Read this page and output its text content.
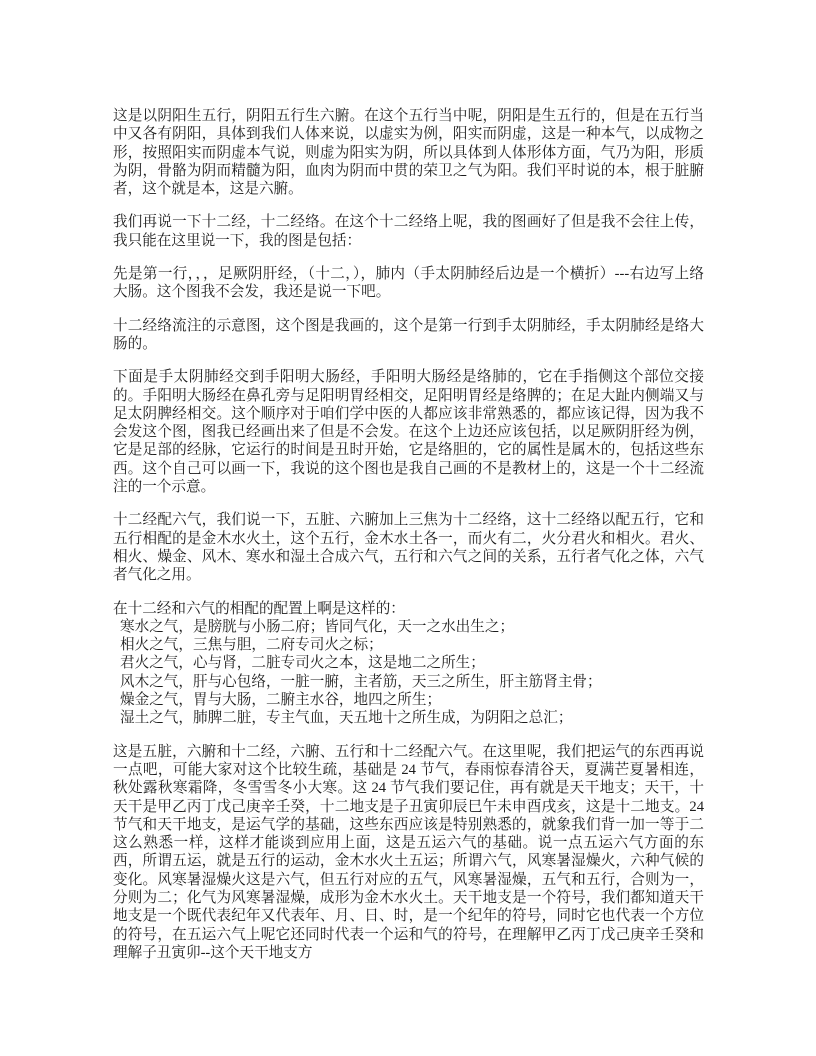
这是以阴阳生五行，阴阳五行生六腑。在这个五行当中呢，阴阳是生五行的，但是在五行当中又各有阴阳，具体到我们人体来说，以虚实为例，阳实而阴虚，这是一种本气，以成物之形，按照阳实而阴虚本气说，则虚为阳实为阴，所以具体到人体形体方面，气乃为阳，形质为阴，骨骼为阴而精髓为阳，血肉为阴而中贯的荣卫之气为阳。我们平时说的本，根于脏腑者，这个就是本，这是六腑。

我们再说一下十二经，十二经络。在这个十二经络上呢，我的图画好了但是我不会往上传，我只能在这里说一下，我的图是包括：

先是第一行，，，足厥阴肝经，（十二，），肺内（手太阴肺经后边是一个横折）---右边写上络大肠。这个图我不会发，我还是说一下吧。

十二经络流注的示意图，这个图是我画的，这个是第一行到手太阴肺经，手太阴肺经是络大肠的。

下面是手太阴肺经交到手阳明大肠经，手阳明大肠经是络肺的，它在手指侧这个部位交接的。手阳明大肠经在鼻孔旁与足阳明胃经相交，足阳明胃经是络脾的；在足大趾内侧端又与足太阴脾经相交。这个顺序对于咱们学中医的人都应该非常熟悉的，都应该记得，因为我不会发这个图，图我已经画出来了但是不会发。在这个上边还应该包括，以足厥阴肝经为例，它是足部的经脉，它运行的时间是丑时开始，它是络胆的，它的属性是属木的，包括这些东西。这个自己可以画一下，我说的这个图也是我自己画的不是教材上的，这是一个十二经流注的一个示意。

十二经配六气，我们说一下，五脏、六腑加上三焦为十二经络，这十二经络以配五行，它和五行相配的是金木水火土，这个五行，金木水土各一，而火有二，火分君火和相火。君火、相火、燥金、风木、寒水和湿土合成六气，五行和六气之间的关系，五行者气化之体，六气者气化之用。

在十二经和六气的相配的配置上啊是这样的：
寒水之气，是膀胱与小肠二府；皆同气化，天一之水出生之；
相火之气，三焦与胆，二府专司火之标；
君火之气，心与肾，二脏专司火之本，这是地二之所生；
风木之气，肝与心包络，一脏一腑，主者筋，天三之所生，肝主筋肾主骨；
燥金之气，胃与大肠，二腑主水谷，地四之所生；
湿土之气，肺脾二脏，专主气血，天五地十之所生成，为阴阳之总汇；

这是五脏，六腑和十二经，六腑、五行和十二经配六气。在这里呢，我们把运气的东西再说一点吧，可能大家对这个比较生疏，基础是 24 节气，春雨惊春清谷天，夏满芒夏暑相连，秋处露秋寒霜降，冬雪雪冬小大寒。这 24 节气我们要记住，再有就是天干地支；天干，十天干是甲乙丙丁戊己庚辛壬癸，十二地支是子丑寅卯辰巳午未申酉戌亥，这是十二地支。24 节气和天干地支，是运气学的基础，这些东西应该是特别熟悉的，就象我们背一加一等于二这么熟悉一样，这样才能谈到应用上面，这是五运六气的基础。说一点五运六气方面的东西，所谓五运，就是五行的运动，金木水火土五运；所谓六气，风寒暑湿燥火，六种气候的变化。风寒暑湿燥火这是六气，但五行对应的五气，风寒暑湿燥，五气和五行，合则为一，分则为二；化气为风寒暑湿燥，成形为金木水火土。天干地支是一个符号，我们都知道天干地支是一个既代表纪年又代表年、月、日、时，是一个纪年的符号，同时它也代表一个方位的符号，在五运六气上呢它还同时代表一个运和气的符号，在理解甲乙丙丁戊己庚辛壬癸和理解子丑寅卯--这个天干地支方
